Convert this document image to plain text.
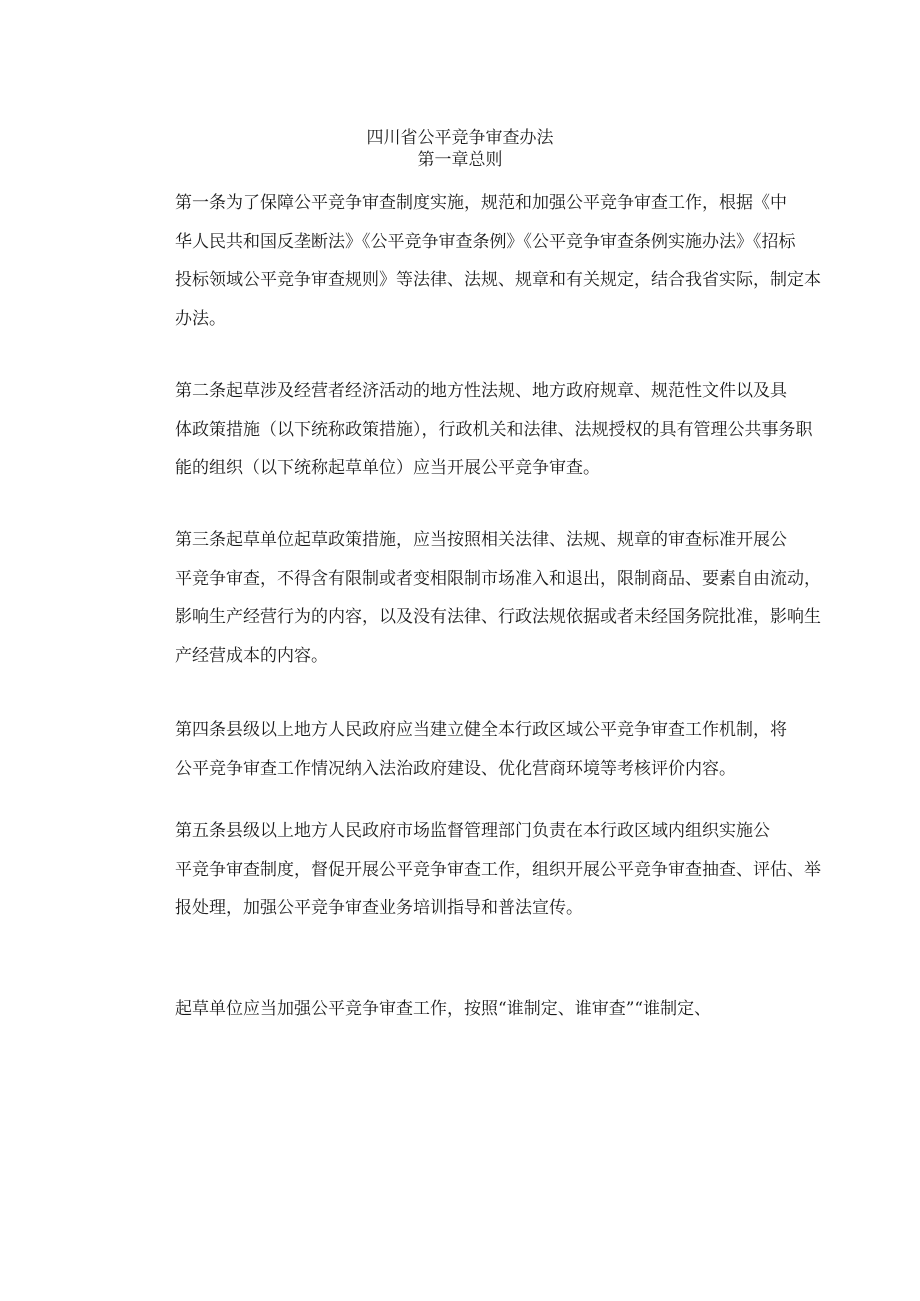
四川省公平竞争审查办法
第一章总则
第一条为了保障公平竞争审查制度实施，规范和加强公平竞争审查工作，根据《中
华人民共和国反垄断法》《公平竞争审查条例》《公平竞争审查条例实施办法》《招标
投标领域公平竞争审查规则》等法律、法规、规章和有关规定，结合我省实际，制定本
办法。
第二条起草涉及经营者经济活动的地方性法规、地方政府规章、规范性文件以及具
体政策措施（以下统称政策措施），行政机关和法律、法规授权的具有管理公共事务职
能的组织（以下统称起草单位）应当开展公平竞争审查。
第三条起草单位起草政策措施，应当按照相关法律、法规、规章的审查标准开展公
平竞争审查，不得含有限制或者变相限制市场准入和退出，限制商品、要素自由流动，
影响生产经营行为的内容，以及没有法律、行政法规依据或者未经国务院批准，影响生
产经营成本的内容。
第四条县级以上地方人民政府应当建立健全本行政区域公平竞争审查工作机制，将
公平竞争审查工作情况纳入法治政府建设、优化营商环境等考核评价内容。
第五条县级以上地方人民政府市场监督管理部门负责在本行政区域内组织实施公
平竞争审查制度，督促开展公平竞争审查工作，组织开展公平竞争审查抽查、评估、举
报处理，加强公平竞争审查业务培训指导和普法宣传。
起草单位应当加强公平竞争审查工作，按照“谁制定、谁审查”“谁制定、
